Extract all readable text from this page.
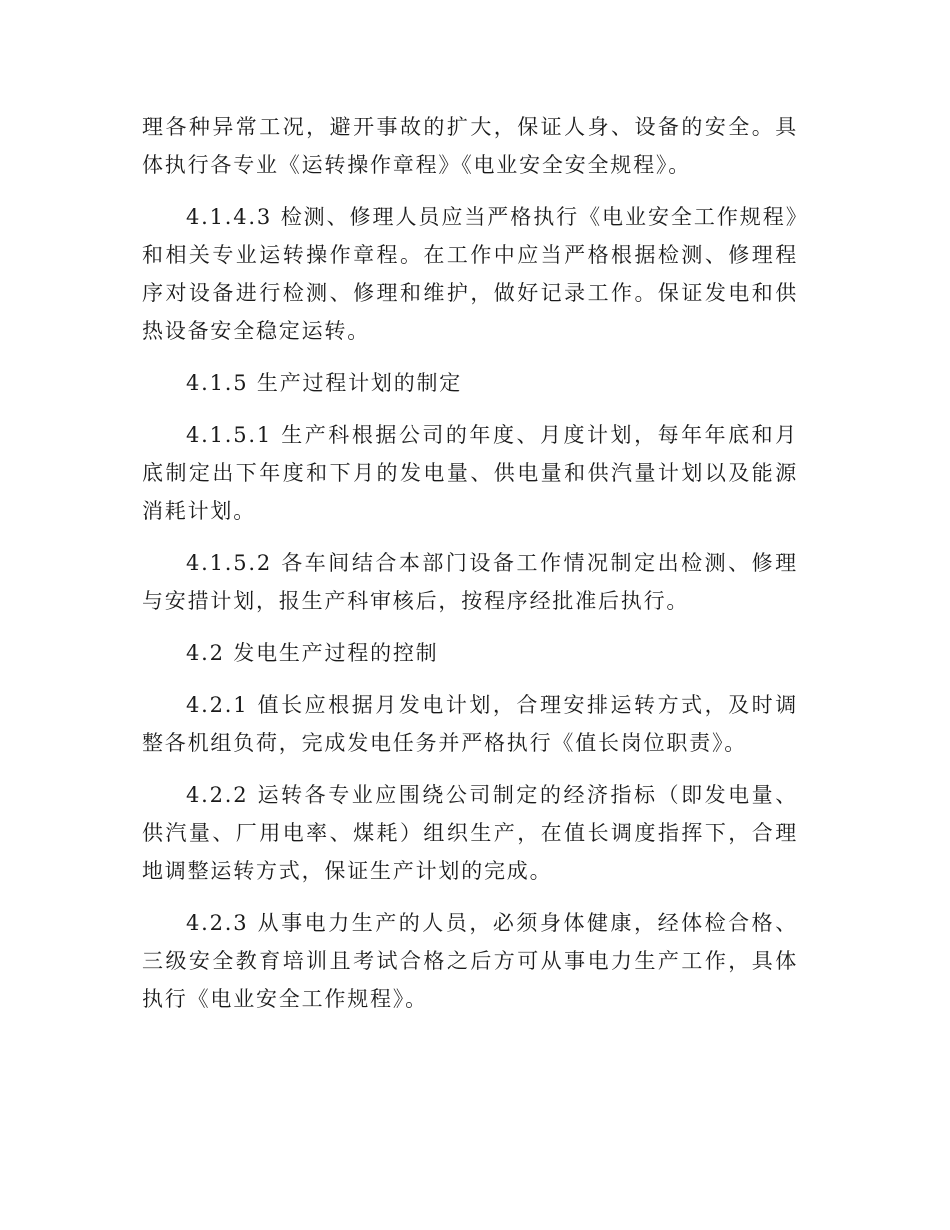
理各种异常工况，避开事故的扩大，保证人身、设备的安全。具体执行各专业《运转操作章程》《电业安全安全规程》。

4.1.4.3 检测、修理人员应当严格执行《电业安全工作规程》和相关专业运转操作章程。在工作中应当严格根据检测、修理程序对设备进行检测、修理和维护，做好记录工作。保证发电和供热设备安全稳定运转。

4.1.5 生产过程计划的制定

4.1.5.1 生产科根据公司的年度、月度计划，每年年底和月底制定出下年度和下月的发电量、供电量和供汽量计划以及能源消耗计划。

4.1.5.2 各车间结合本部门设备工作情况制定出检测、修理与安措计划，报生产科审核后，按程序经批准后执行。

4.2 发电生产过程的控制

4.2.1 值长应根据月发电计划，合理安排运转方式，及时调整各机组负荷，完成发电任务并严格执行《值长岗位职责》。

4.2.2 运转各专业应围绕公司制定的经济指标（即发电量、供汽量、厂用电率、煤耗）组织生产，在值长调度指挥下，合理地调整运转方式，保证生产计划的完成。

4.2.3 从事电力生产的人员，必须身体健康，经体检合格、三级安全教育培训且考试合格之后方可从事电力生产工作，具体执行《电业安全工作规程》。
